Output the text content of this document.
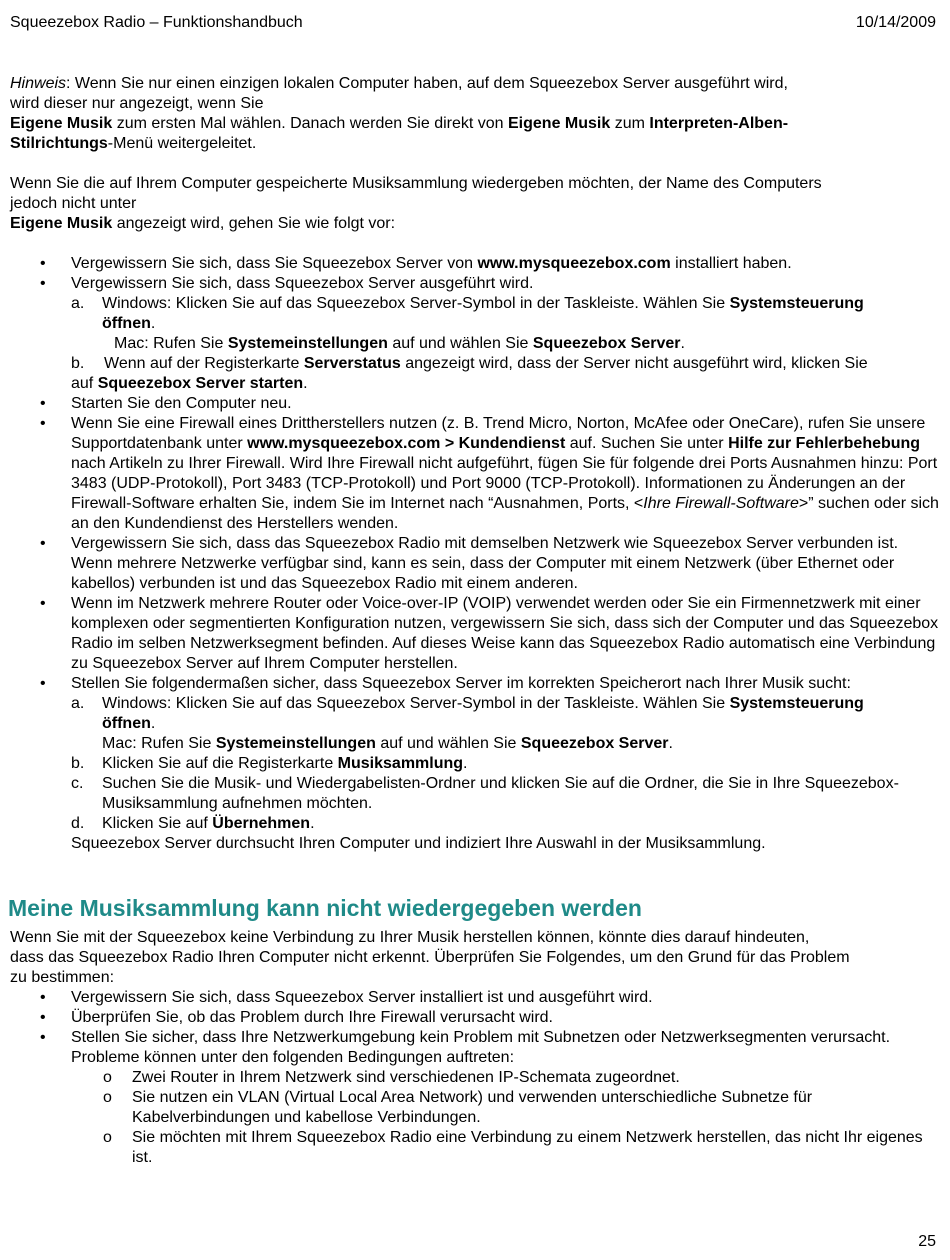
Squeezebox Radio – Funktionshandbuch	10/14/2009
Hinweis: Wenn Sie nur einen einzigen lokalen Computer haben, auf dem Squeezebox Server ausgeführt wird,
wird dieser nur angezeigt, wenn Sie
Eigene Musik zum ersten Mal wählen. Danach werden Sie direkt von Eigene Musik zum Interpreten-Alben-
Stilrichtungs-Menü weitergeleitet.
Wenn Sie die auf Ihrem Computer gespeicherte Musiksammlung wiedergeben möchten, der Name des Computers
jedoch nicht unter
Eigene Musik angezeigt wird, gehen Sie wie folgt vor:
• Vergewissern Sie sich, dass Sie Squeezebox Server von www.mysqueezebox.com installiert haben.
• Vergewissern Sie sich, dass Squeezebox Server ausgeführt wird.
a. Windows: Klicken Sie auf das Squeezebox Server-Symbol in der Taskleiste. Wählen Sie Systemsteuerung
öffnen.
Mac: Rufen Sie Systemeinstellungen auf und wählen Sie Squeezebox Server.
b. Wenn auf der Registerkarte Serverstatus angezeigt wird, dass der Server nicht ausgeführt wird, klicken Sie
auf Squeezebox Server starten.
• Starten Sie den Computer neu.
• Wenn Sie eine Firewall eines Drittherstellers nutzen (z. B. Trend Micro, Norton, McAfee oder OneCare), rufen Sie unsere Supportdatenbank unter www.mysqueezebox.com > Kundendienst auf. Suchen Sie unter Hilfe zur Fehlerbehebung nach Artikeln zu Ihrer Firewall. Wird Ihre Firewall nicht aufgeführt, fügen Sie für folgende drei Ports Ausnahmen hinzu: Port 3483 (UDP-Protokoll), Port 3483 (TCP-Protokoll) und Port 9000 (TCP-Protokoll). Informationen zu Änderungen an der Firewall-Software erhalten Sie, indem Sie im Internet nach “Ausnahmen, Ports, <Ihre Firewall-Software>” suchen oder sich an den Kundendienst des Herstellers wenden.
• Vergewissern Sie sich, dass das Squeezebox Radio mit demselben Netzwerk wie Squeezebox Server verbunden ist. Wenn mehrere Netzwerke verfügbar sind, kann es sein, dass der Computer mit einem Netzwerk (über Ethernet oder kabellos) verbunden ist und das Squeezebox Radio mit einem anderen.
• Wenn im Netzwerk mehrere Router oder Voice-over-IP (VOIP) verwendet werden oder Sie ein Firmennetzwerk mit einer komplexen oder segmentierten Konfiguration nutzen, vergewissern Sie sich, dass sich der Computer und das Squeezebox Radio im selben Netzwerksegment befinden. Auf dieses Weise kann das Squeezebox Radio automatisch eine Verbindung zu Squeezebox Server auf Ihrem Computer herstellen.
• Stellen Sie folgendermaßen sicher, dass Squeezebox Server im korrekten Speicherort nach Ihrer Musik sucht:
a. Windows: Klicken Sie auf das Squeezebox Server-Symbol in der Taskleiste. Wählen Sie Systemsteuerung
öffnen.
Mac: Rufen Sie Systemeinstellungen auf und wählen Sie Squeezebox Server.
b. Klicken Sie auf die Registerkarte Musiksammlung.
c. Suchen Sie die Musik- und Wiedergabelisten-Ordner und klicken Sie auf die Ordner, die Sie in Ihre Squeezebox-Musiksammlung aufnehmen möchten.
d. Klicken Sie auf Übernehmen.
Squeezebox Server durchsucht Ihren Computer und indiziert Ihre Auswahl in der Musiksammlung.
Meine Musiksammlung kann nicht wiedergegeben werden
Wenn Sie mit der Squeezebox keine Verbindung zu Ihrer Musik herstellen können, könnte dies darauf hindeuten,
dass das Squeezebox Radio Ihren Computer nicht erkennt. Überprüfen Sie Folgendes, um den Grund für das Problem
zu bestimmen:
• Vergewissern Sie sich, dass Squeezebox Server installiert ist und ausgeführt wird.
• Überprüfen Sie, ob das Problem durch Ihre Firewall verursacht wird.
• Stellen Sie sicher, dass Ihre Netzwerkumgebung kein Problem mit Subnetzen oder Netzwerksegmenten verursacht. Probleme können unter den folgenden Bedingungen auftreten:
o Zwei Router in Ihrem Netzwerk sind verschiedenen IP-Schemata zugeordnet.
o Sie nutzen ein VLAN (Virtual Local Area Network) und verwenden unterschiedliche Subnetze für Kabelverbindungen und kabellose Verbindungen.
o Sie möchten mit Ihrem Squeezebox Radio eine Verbindung zu einem Netzwerk herstellen, das nicht Ihr eigenes ist.
25
